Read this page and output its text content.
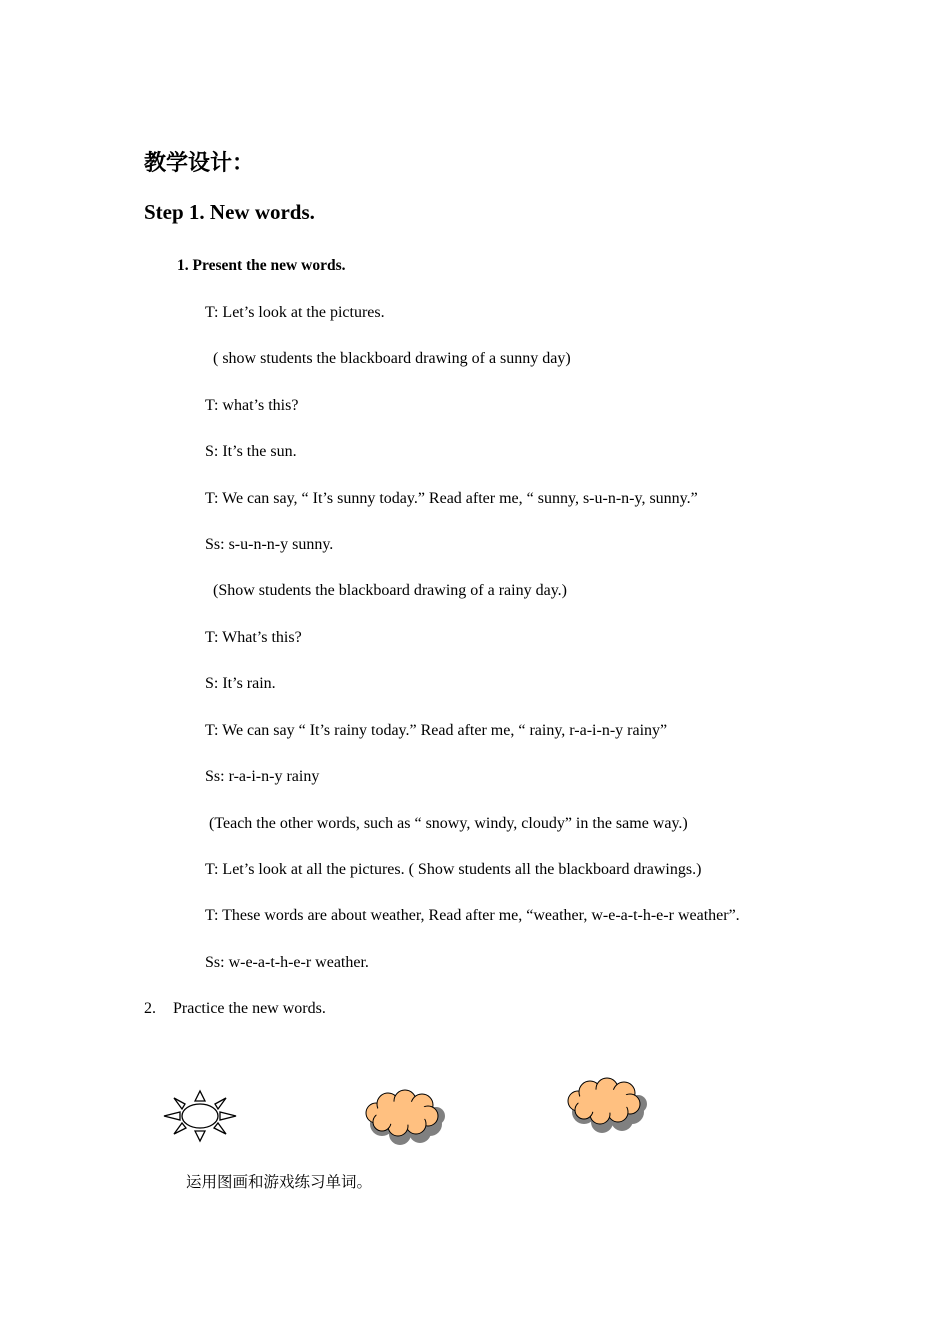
教学设计：
Step 1. New words.
1. Present the new words.
T: Let’s look at the pictures.
( show students the blackboard drawing of a sunny day)
T: what’s this?
S: It’s the sun.
T: We can say, “ It’s sunny today.” Read after me, “ sunny, s-u-n-n-y, sunny.”
Ss: s-u-n-n-y sunny.
(Show students the blackboard drawing of a rainy day.)
T: What’s this?
S: It’s rain.
T: We can say “ It’s rainy today.” Read after me, “ rainy, r-a-i-n-y rainy”
Ss: r-a-i-n-y rainy
(Teach the other words, such as “ snowy, windy, cloudy” in the same way.)
T: Let’s look at all the pictures. ( Show students all the blackboard drawings.)
T: These words are about weather, Read after me, “weather, w-e-a-t-h-e-r weather”.
Ss: w-e-a-t-h-e-r weather.
2. Practice the new words.
运用图画和游戏练习单词。
